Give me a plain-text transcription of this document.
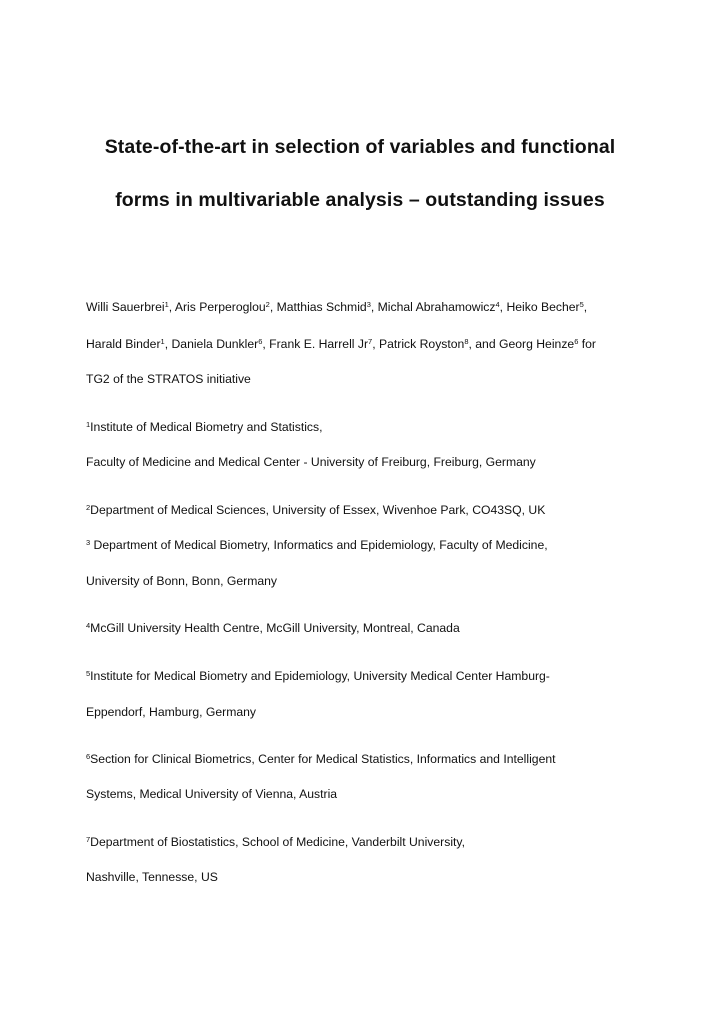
State-of-the-art in selection of variables and functional
forms in multivariable analysis – outstanding issues
Willi Sauerbrei$^1$, Aris Perperoglou$^2$, Matthias Schmid$^3$, Michal Abrahamowicz$^4$, Heiko Becher$^5$,
Harald Binder$^1$, Daniela Dunkler$^6$, Frank E. Harrell Jr$^7$, Patrick Royston$^8$, and Georg Heinze$^6$ for
TG2 of the STRATOS initiative
$^1$Institute of Medical Biometry and Statistics,
Faculty of Medicine and Medical Center - University of Freiburg, Freiburg, Germany
$^2$Department of Medical Sciences, University of Essex, Wivenhoe Park, CO43SQ, UK
$^3$ Department of Medical Biometry, Informatics and Epidemiology, Faculty of Medicine,
University of Bonn, Bonn, Germany
$^4$McGill University Health Centre, McGill University, Montreal, Canada
$^5$Institute for Medical Biometry and Epidemiology, University Medical Center Hamburg-
Eppendorf, Hamburg, Germany
$^6$Section for Clinical Biometrics, Center for Medical Statistics, Informatics and Intelligent
Systems, Medical University of Vienna, Austria
$^7$Department of Biostatistics, School of Medicine, Vanderbilt University,
Nashville, Tennesse, US
